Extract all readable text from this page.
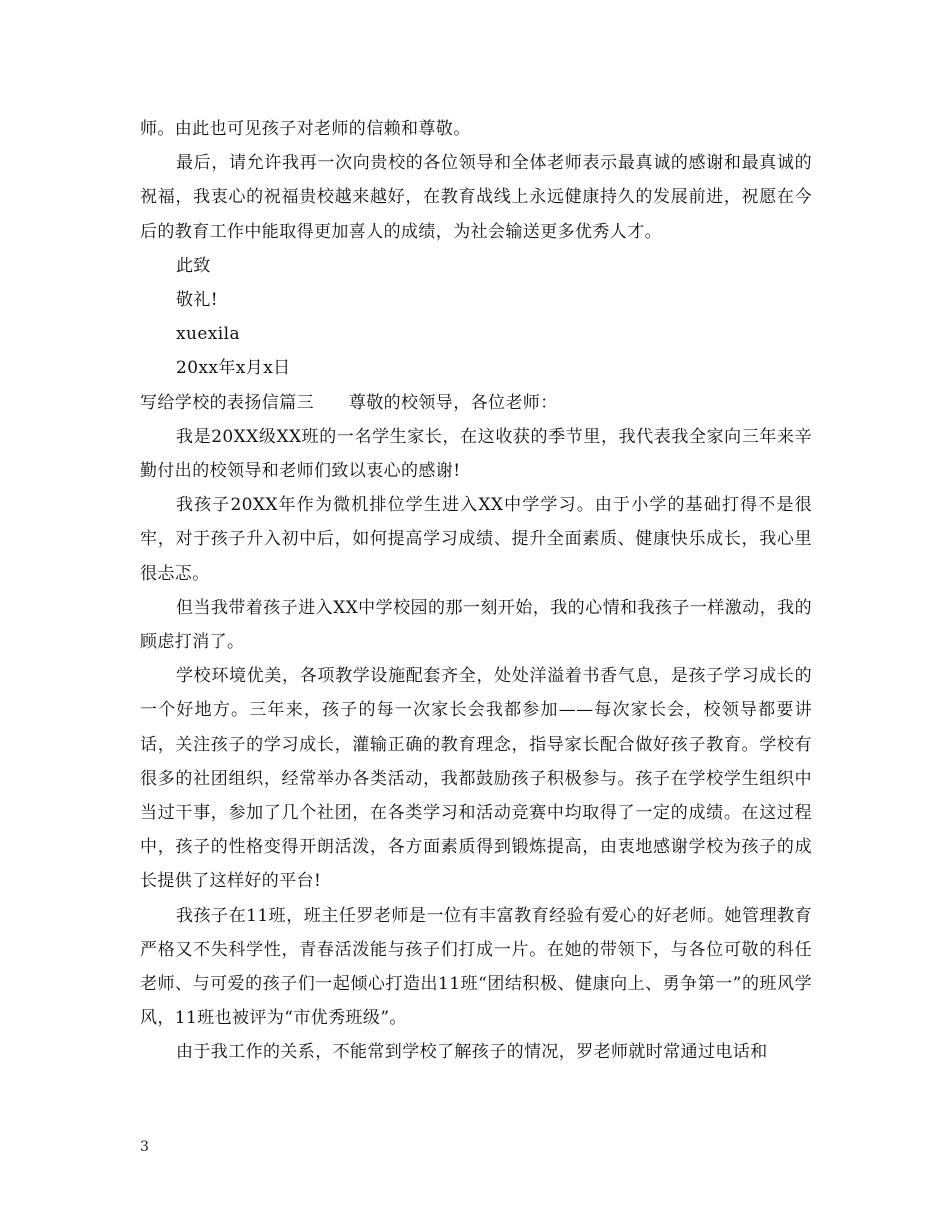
师。由此也可见孩子对老师的信赖和尊敬。

最后，请允许我再一次向贵校的各位领导和全体老师表示最真诚的感谢和最真诚的祝福，我衷心的祝福贵校越来越好，在教育战线上永远健康持久的发展前进，祝愿在今后的教育工作中能取得更加喜人的成绩，为社会输送更多优秀人才。

此致

敬礼!

xuexila

20xx年x月x日

写给学校的表扬信篇三　　尊敬的校领导，各位老师：

我是20XX级XX班的一名学生家长，在这收获的季节里，我代表我全家向三年来辛勤付出的校领导和老师们致以衷心的感谢!

我孩子20XX年作为微机排位学生进入XX中学学习。由于小学的基础打得不是很牢，对于孩子升入初中后，如何提高学习成绩、提升全面素质、健康快乐成长，我心里很忐忑。

但当我带着孩子进入XX中学校园的那一刻开始，我的心情和我孩子一样激动，我的顾虑打消了。

学校环境优美，各项教学设施配套齐全，处处洋溢着书香气息，是孩子学习成长的一个好地方。三年来，孩子的每一次家长会我都参加——每次家长会，校领导都要讲话，关注孩子的学习成长，灌输正确的教育理念，指导家长配合做好孩子教育。学校有很多的社团组织，经常举办各类活动，我都鼓励孩子积极参与。孩子在学校学生组织中当过干事，参加了几个社团，在各类学习和活动竞赛中均取得了一定的成绩。在这过程中，孩子的性格变得开朗活泼，各方面素质得到锻炼提高，由衷地感谢学校为孩子的成长提供了这样好的平台!

我孩子在11班，班主任罗老师是一位有丰富教育经验有爱心的好老师。她管理教育严格又不失科学性，青春活泼能与孩子们打成一片。在她的带领下，与各位可敬的科任老师、与可爱的孩子们一起倾心打造出11班“团结积极、健康向上、勇争第一”的班风学风，11班也被评为“市优秀班级”。

由于我工作的关系，不能常到学校了解孩子的情况，罗老师就时常通过电话和

3
